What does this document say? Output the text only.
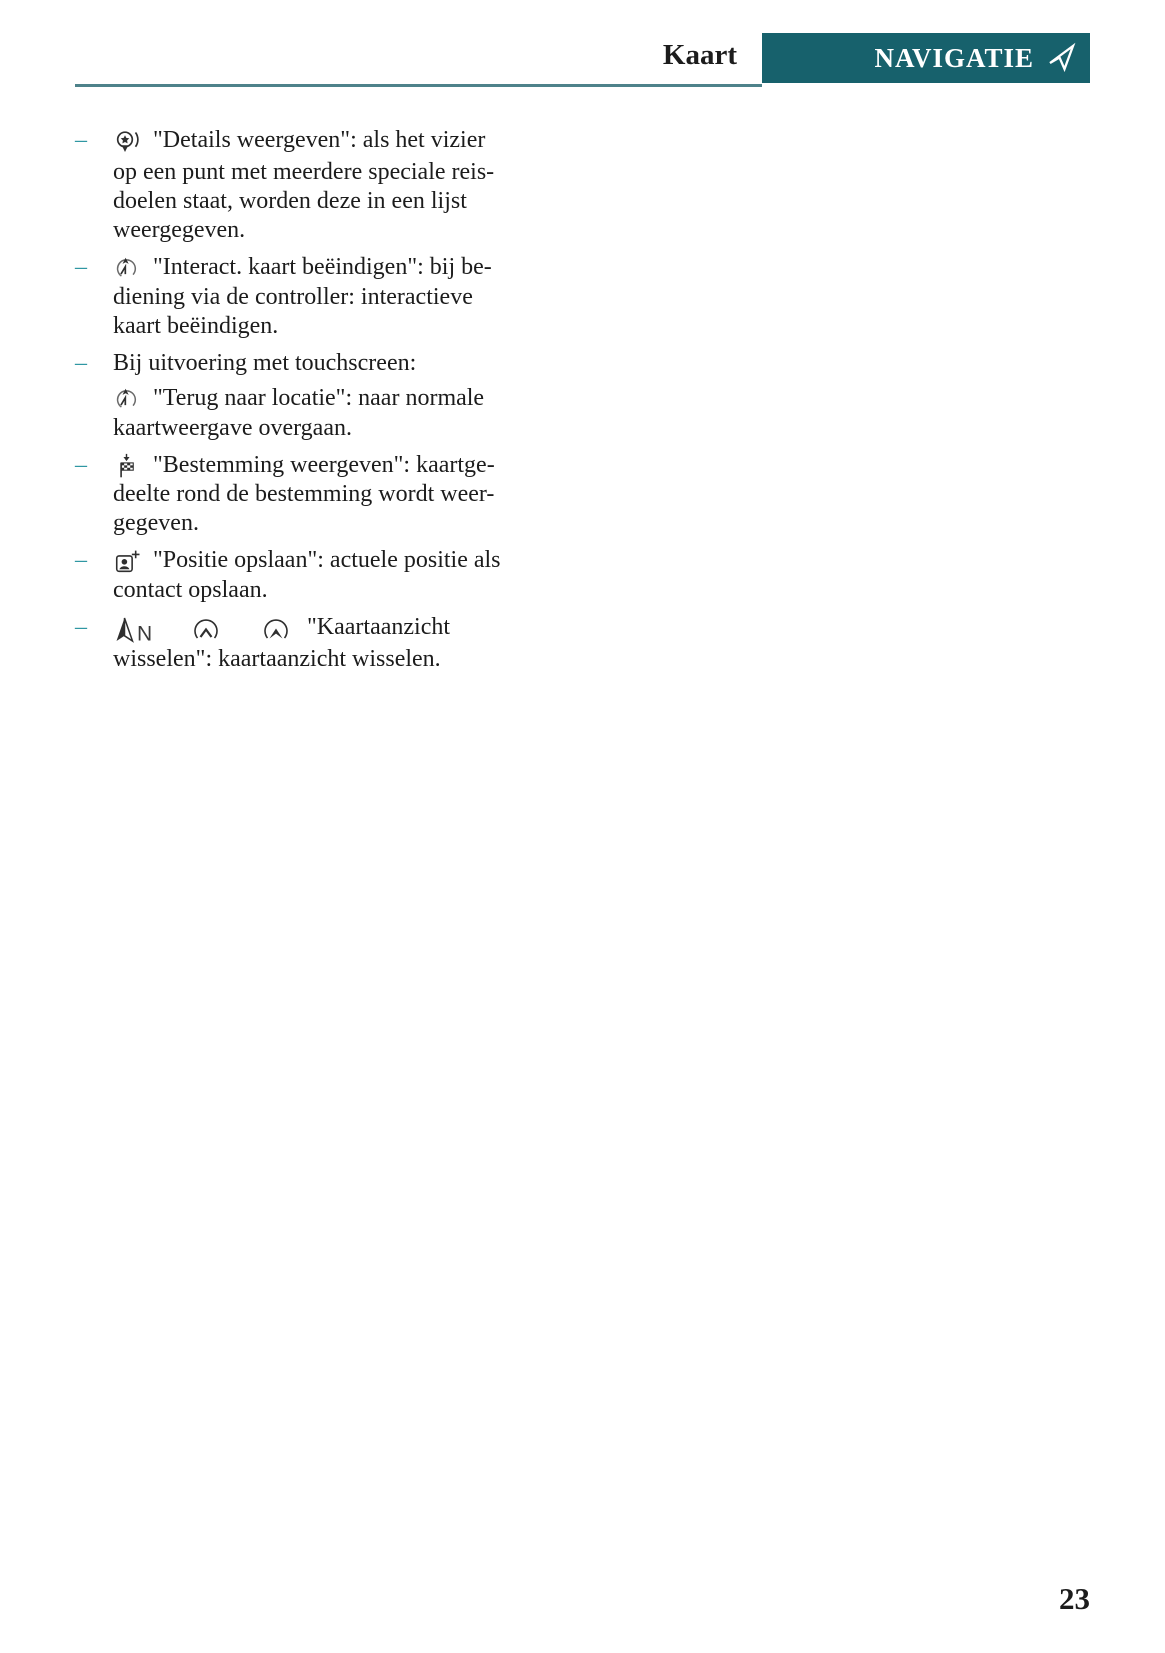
Kaart	NAVIGATIE
–	"Details weergeven": als het vizier
op een punt met meerdere speciale reis-
doelen staat, worden deze in een lijst
weergegeven.
–	"Interact. kaart beëindigen": bij be-
diening via de controller: interactieve
kaart beëindigen.
– Bij uitvoering met touchscreen:
"Terug naar locatie": naar normale
kaartweergave overgaan.
–	"Bestemming weergeven": kaartge-
deelte rond de bestemming wordt weer-
gegeven.
–	"Positie opslaan": actuele positie als
contact opslaan.
– N	"Kaartaanzicht
wisselen": kaartaanzicht wisselen.
23
